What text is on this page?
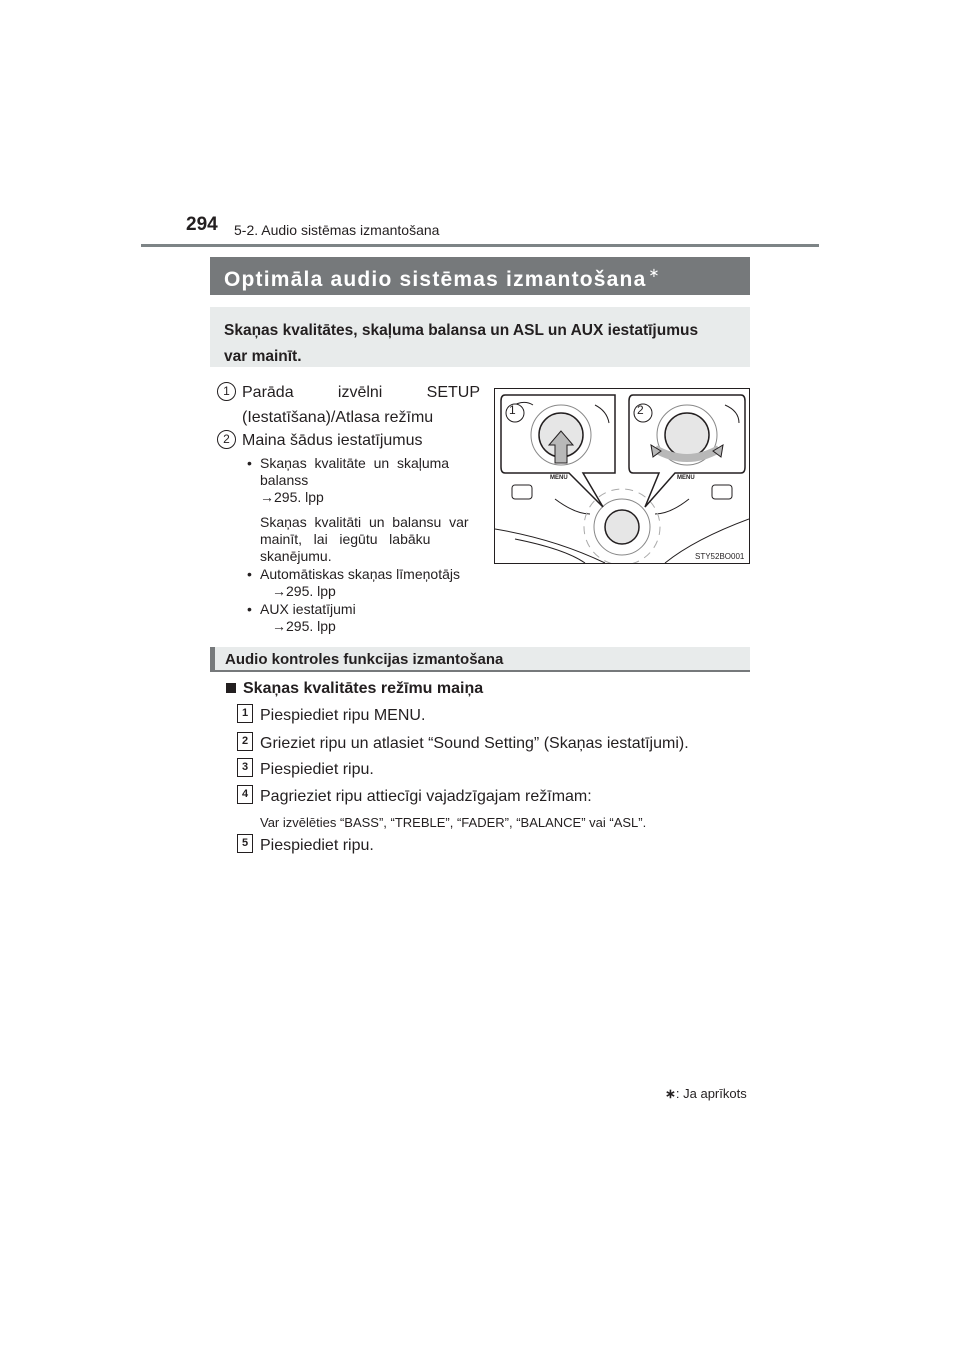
294 5-2. Audio sistēmas izmantošana
Optimāla audio sistēmas izmantošana ∗
Skaņas kvalitātes, skaļuma balansa un ASL un AUX iestatījumus
var mainīt.
1 Parāda	izvēlni	SETUP
(Iestatīšana)/Atlasa režīmu
2 Maina šādus iestatījumus
• Skaņas  kvalitāte  un  skaļuma
balanss
→295. lpp
Skaņas  kvalitāti  un  balansu  var
mainīt,   lai   iegūtu   labāku
skanējumu.
• Automātiskas skaņas līmeņotājs
→295. lpp
• AUX iestatījumi
→295. lpp
1	2
MENU	MENU
STY52BO001
Audio kontroles funkcijas izmantošana
Skaņas kvalitātes režīmu maiņa
1 Piespiediet ripu MENU.
2 Grieziet ripu un atlasiet “Sound Setting” (Skaņas iestatījumi).
3 Piespiediet ripu.
4 Pagrieziet ripu attiecīgi vajadzīgajam režīmam:
Var izvēlēties “BASS”, “TREBLE”, “FADER”, “BALANCE” vai “ASL”.
5 Piespiediet ripu.
∗: Ja aprīkots
